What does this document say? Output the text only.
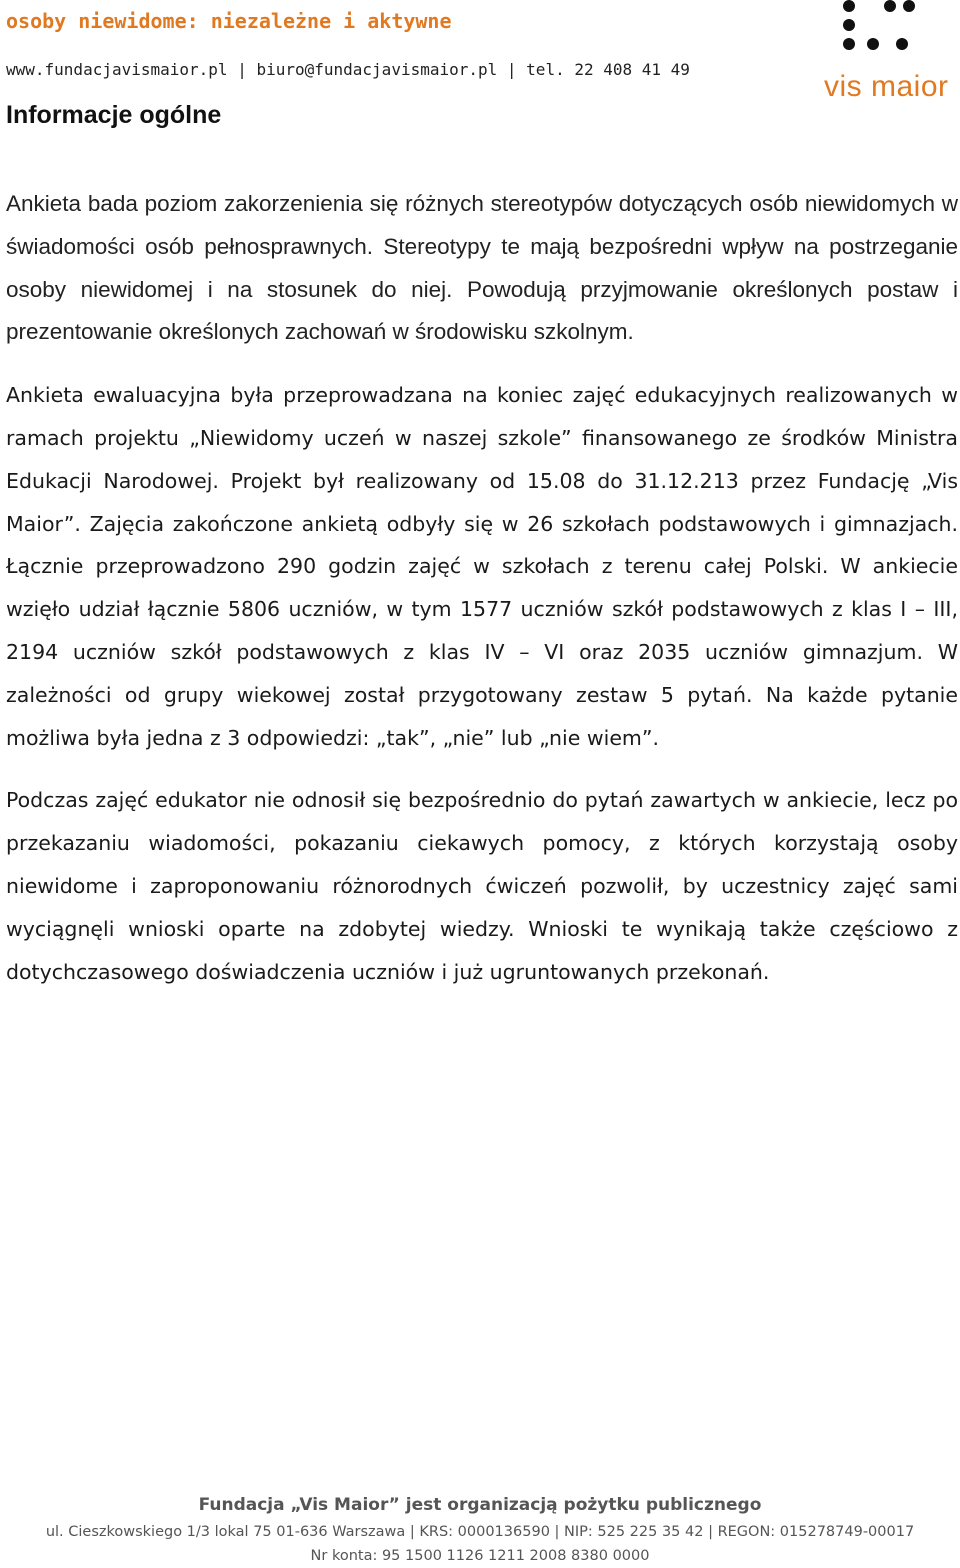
osoby niewidome: niezależne i aktywne
www.fundacjavismaior.pl | biuro@fundacjavismaior.pl | tel. 22 408 41 49
Informacje ogólne
vis maior

Ankieta bada poziom zakorzenienia się różnych stereotypów dotyczących osób niewidomych w świadomości osób pełnosprawnych. Stereotypy te mają bezpośredni wpływ na postrzeganie osoby niewidomej i na stosunek do niej. Powodują przyjmowanie określonych postaw i prezentowanie określonych zachowań w środowisku szkolnym.

Ankieta ewaluacyjna była przeprowadzana na koniec zajęć edukacyjnych realizowanych w ramach projektu „Niewidomy uczeń w naszej szkole” finansowanego ze środków Ministra Edukacji Narodowej. Projekt był realizowany od 15.08 do 31.12.213 przez Fundację „Vis Maior”. Zajęcia zakończone ankietą odbyły się w 26 szkołach podstawowych i gimnazjach. Łącznie przeprowadzono 290 godzin zajęć w szkołach z terenu całej Polski. W ankiecie wzięło udział łącznie 5806 uczniów, w tym 1577 uczniów szkół podstawowych z klas I – III, 2194 uczniów szkół podstawowych z klas IV – VI oraz 2035 uczniów gimnazjum. W zależności od grupy wiekowej został przygotowany zestaw 5 pytań. Na każde pytanie możliwa była jedna z 3 odpowiedzi: „tak”, „nie” lub „nie wiem”.

Podczas zajęć edukator nie odnosił się bezpośrednio do pytań zawartych w ankiecie, lecz po przekazaniu wiadomości, pokazaniu ciekawych pomocy, z których korzystają osoby niewidome i zaproponowaniu różnorodnych ćwiczeń pozwolił, by uczestnicy zajęć sami wyciągnęli wnioski oparte na zdobytej wiedzy. Wnioski te wynikają także częściowo z dotychczasowego doświadczenia uczniów i już ugruntowanych przekonań.

Fundacja „Vis Maior” jest organizacją pożytku publicznego
ul. Cieszkowskiego 1/3 lokal 75 01-636 Warszawa | KRS: 0000136590 | NIP: 525 225 35 42 | REGON: 015278749-00017
Nr konta: 95 1500 1126 1211 2008 8380 0000
